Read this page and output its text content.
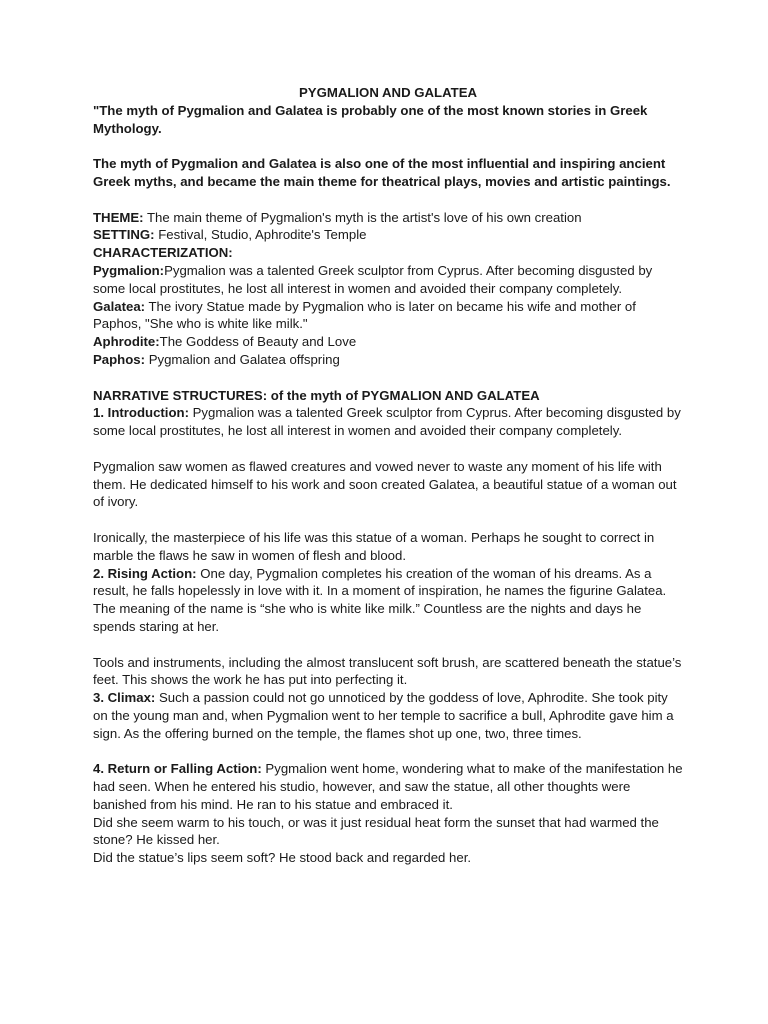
PYGMALION AND GALATEA

"The myth of Pygmalion and Galatea is probably one of the most known stories in Greek Mythology.

The myth of Pygmalion and Galatea is also one of the most influential and inspiring ancient Greek myths, and became the main theme for theatrical plays, movies and artistic paintings.

THEME: The main theme of Pygmalion's myth is the artist's love of his own creation

SETTING: Festival, Studio, Aphrodite's Temple

CHARACTERIZATION:

Pygmalion:Pygmalion was a talented Greek sculptor from Cyprus. After becoming disgusted by some local prostitutes, he lost all interest in women and avoided their company completely.

Galatea: The ivory Statue made by Pygmalion who is later on became his wife and mother of Paphos, "She who is white like milk."

Aphrodite:The Goddess of Beauty and Love

Paphos: Pygmalion and Galatea offspring

NARRATIVE STRUCTURES: of the myth of PYGMALION AND GALATEA

1. Introduction: Pygmalion was a talented Greek sculptor from Cyprus. After becoming disgusted by some local prostitutes, he lost all interest in women and avoided their company completely.

Pygmalion saw women as flawed creatures and vowed never to waste any moment of his life with them. He dedicated himself to his work and soon created Galatea, a beautiful statue of a woman out of ivory.

Ironically, the masterpiece of his life was this statue of a woman. Perhaps he sought to correct in marble the flaws he saw in women of flesh and blood.

2. Rising Action: One day, Pygmalion completes his creation of the woman of his dreams. As a result, he falls hopelessly in love with it. In a moment of inspiration, he names the figurine Galatea. The meaning of the name is “she who is white like milk.” Countless are the nights and days he spends staring at her.

Tools and instruments, including the almost translucent soft brush, are scattered beneath the statue’s feet. This shows the work he has put into perfecting it.

3. Climax: Such a passion could not go unnoticed by the goddess of love, Aphrodite. She took pity on the young man and, when Pygmalion went to her temple to sacrifice a bull, Aphrodite gave him a sign. As the offering burned on the temple, the flames shot up one, two, three times.

4. Return or Falling Action: Pygmalion went home, wondering what to make of the manifestation he had seen. When he entered his studio, however, and saw the statue, all other thoughts were banished from his mind. He ran to his statue and embraced it.

Did she seem warm to his touch, or was it just residual heat form the sunset that had warmed the stone? He kissed her.

Did the statue’s lips seem soft? He stood back and regarded her.
